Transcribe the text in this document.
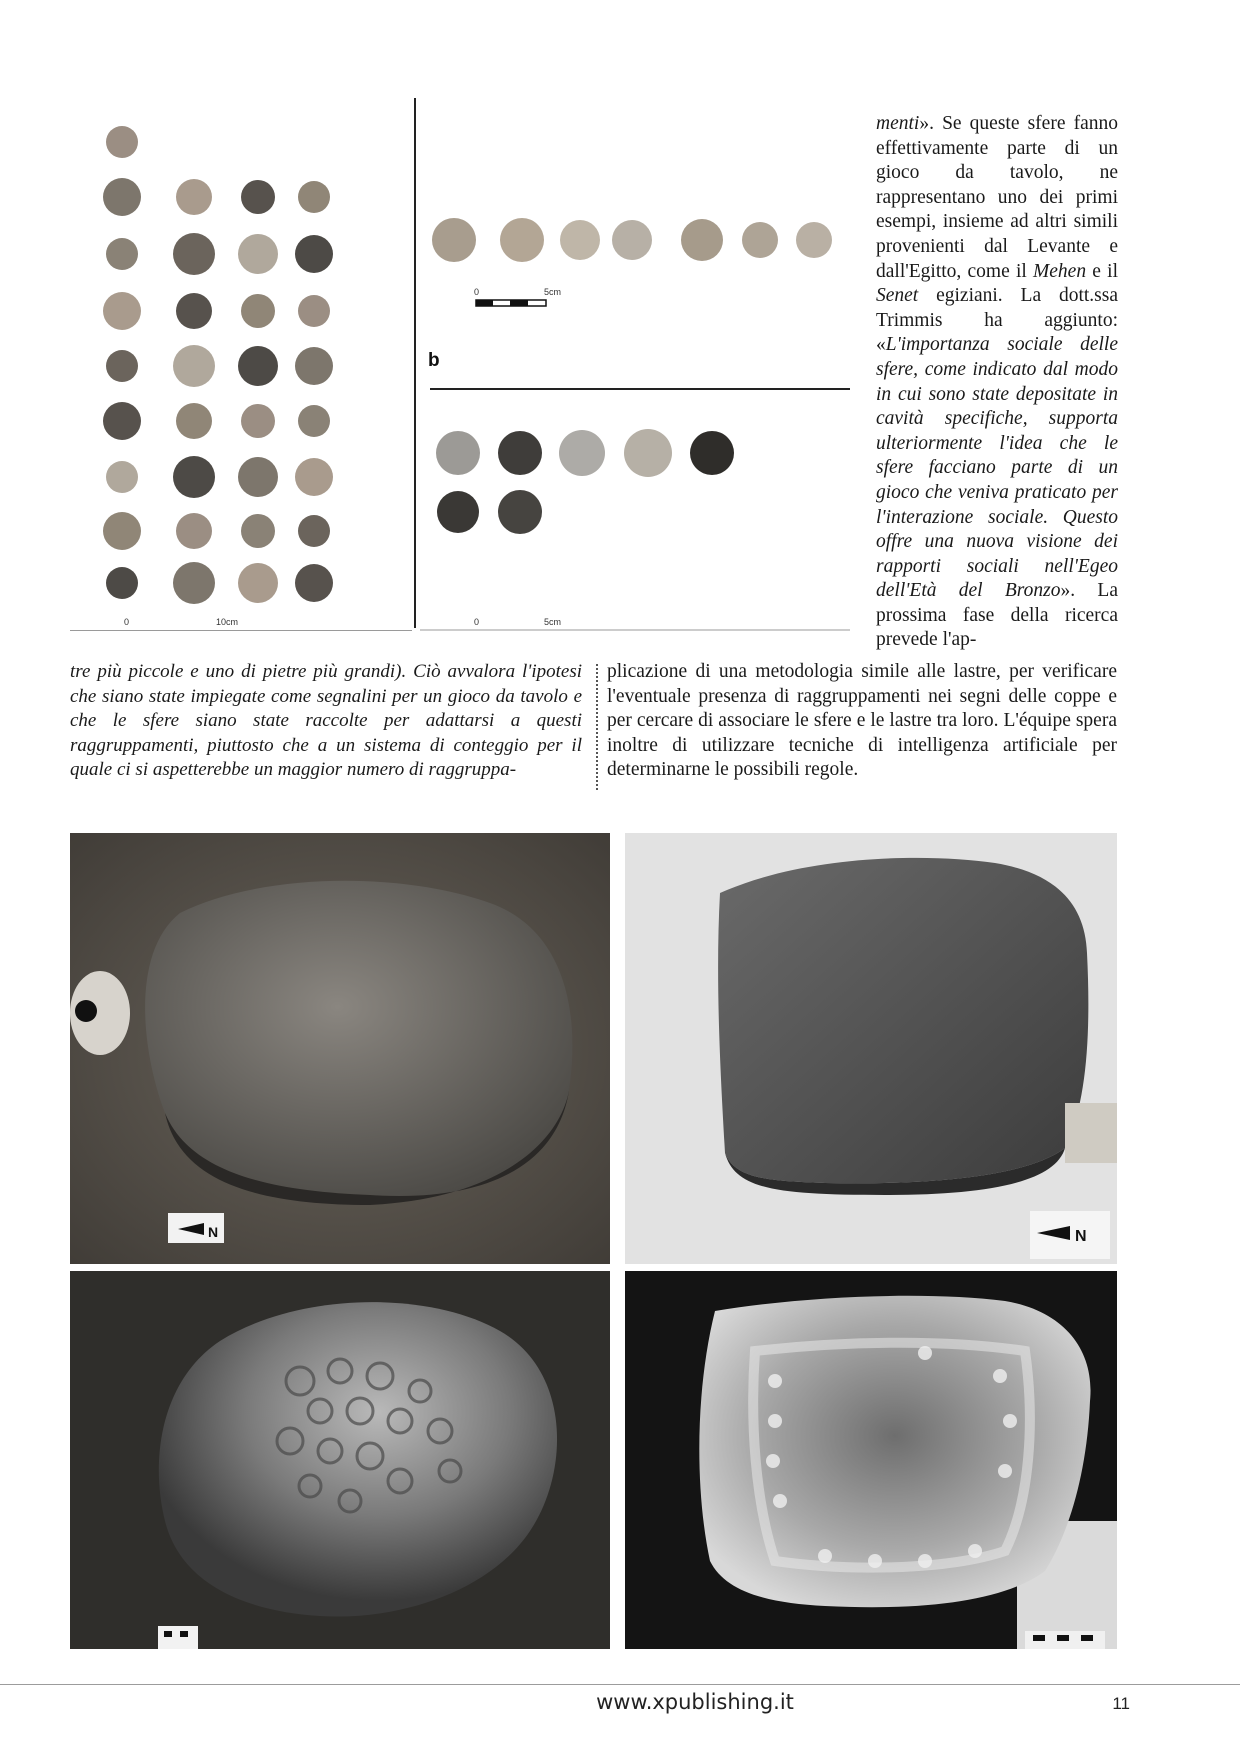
0	10cm
0	5cm
b
0	5cm

menti». Se queste sfere fanno effettivamente parte di un gioco da tavolo, ne rappresentano uno dei primi esempi, insieme ad altri simili provenienti dal Levante e dall'Egitto, come il Mehen e il Senet egiziani. La dott.ssa Trimmis ha aggiunto: «L'importanza sociale delle sfere, come indicato dal modo in cui sono state depositate in cavità specifiche, supporta ulteriormente l'idea che le sfere facciano parte di un gioco che veniva praticato per l'interazione sociale. Questo offre una nuova visione dei rapporti sociali nell'Egeo dell'Età del Bronzo». La prossima fase della ricerca prevede l'ap-

tre più piccole e uno di pietre più grandi). Ciò avvalora l'ipotesi che siano state impiegate come segnalini per un gioco da tavolo e che le sfere siano state raccolte per adattarsi a questi raggruppamenti, piuttosto che a un sistema di conteggio per il quale ci si aspetterebbe un maggior numero di raggruppa-

plicazione di una metodologia simile alle lastre, per verificare l'eventuale presenza di raggruppamenti nei segni delle coppe e per cercare di associare le sfere e le lastre tra loro. L'équipe spera inoltre di utilizzare tecniche di intelligenza artificiale per determinarne le possibili regole.

N	N
www.xpublishing.it	11
